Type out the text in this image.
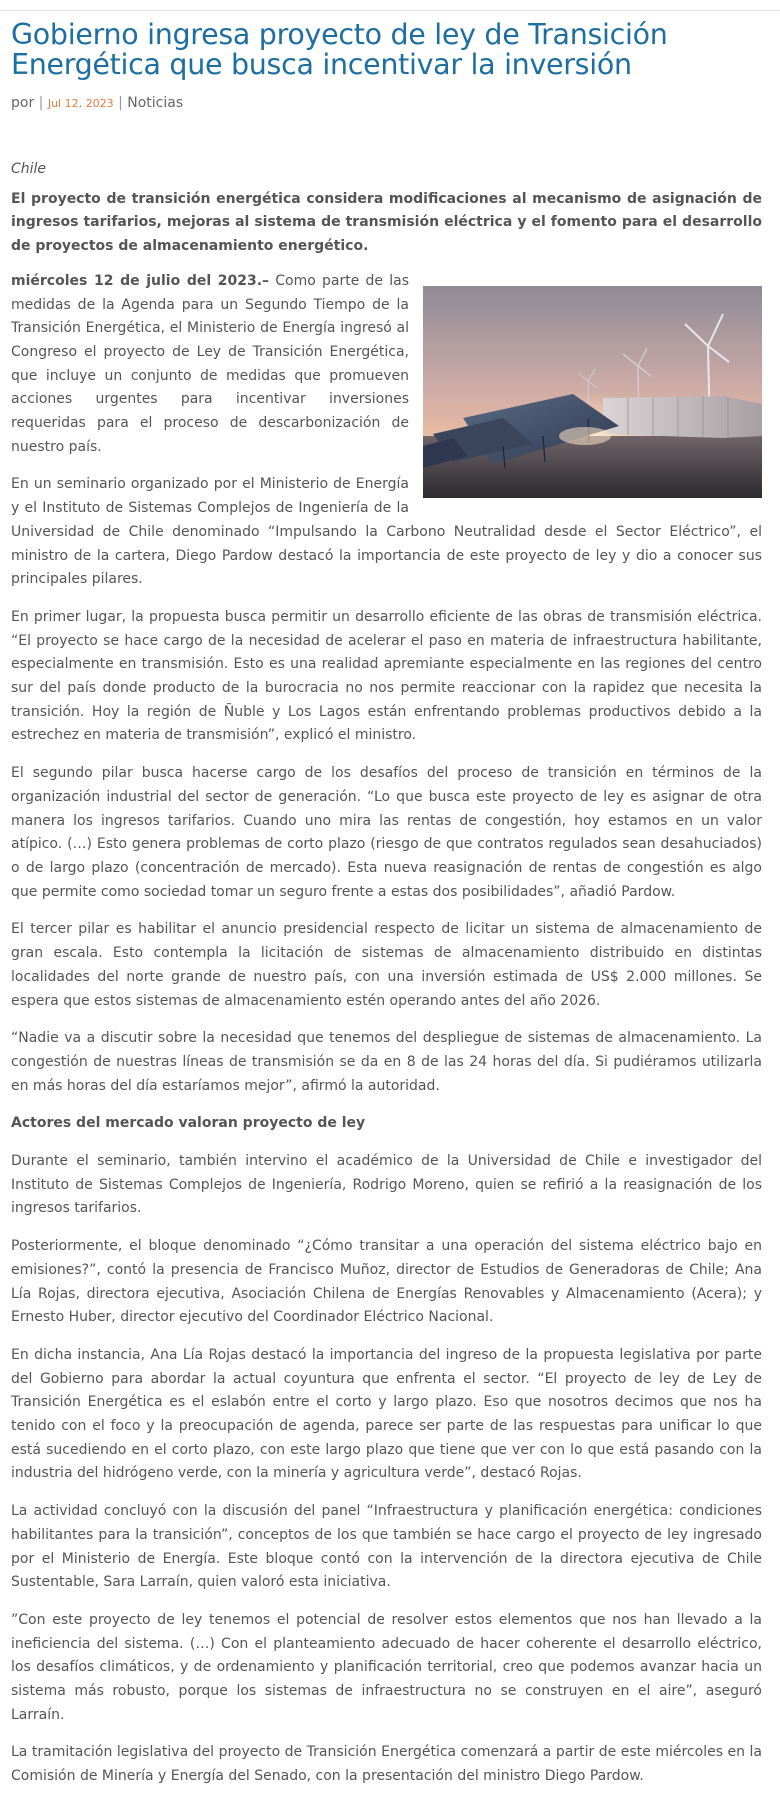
Gobierno ingresa proyecto de ley de Transición Energética que busca incentivar la inversión
por | Jul 12, 2023 | Noticias

Chile

El proyecto de transición energética considera modificaciones al mecanismo de asignación de ingresos tarifarios, mejoras al sistema de transmisión eléctrica y el fomento para el desarrollo de proyectos de almacenamiento energético.

miércoles 12 de julio del 2023.– Como parte de las medidas de la Agenda para un Segundo Tiempo de la Transición Energética, el Ministerio de Energía ingresó al Congreso el proyecto de Ley de Transición Energética, que incluye un conjunto de medidas que promueven acciones urgentes para incentivar inversiones requeridas para el proceso de descarbonización de nuestro país.

En un seminario organizado por el Ministerio de Energía y el Instituto de Sistemas Complejos de Ingeniería de la Universidad de Chile denominado “Impulsando la Carbono Neutralidad desde el Sector Eléctrico”, el ministro de la cartera, Diego Pardow destacó la importancia de este proyecto de ley y dio a conocer sus principales pilares.

En primer lugar, la propuesta busca permitir un desarrollo eficiente de las obras de transmisión eléctrica. “El proyecto se hace cargo de la necesidad de acelerar el paso en materia de infraestructura habilitante, especialmente en transmisión. Esto es una realidad apremiante especialmente en las regiones del centro sur del país donde producto de la burocracia no nos permite reaccionar con la rapidez que necesita la transición. Hoy la región de Ñuble y Los Lagos están enfrentando problemas productivos debido a la estrechez en materia de transmisión”, explicó el ministro.

El segundo pilar busca hacerse cargo de los desafíos del proceso de transición en términos de la organización industrial del sector de generación. “Lo que busca este proyecto de ley es asignar de otra manera los ingresos tarifarios. Cuando uno mira las rentas de congestión, hoy estamos en un valor atípico. (…) Esto genera problemas de corto plazo (riesgo de que contratos regulados sean desahuciados) o de largo plazo (concentración de mercado). Esta nueva reasignación de rentas de congestión es algo que permite como sociedad tomar un seguro frente a estas dos posibilidades”, añadió Pardow.

El tercer pilar es habilitar el anuncio presidencial respecto de licitar un sistema de almacenamiento de gran escala. Esto contempla la licitación de sistemas de almacenamiento distribuido en distintas localidades del norte grande de nuestro país, con una inversión estimada de US$ 2.000 millones. Se espera que estos sistemas de almacenamiento estén operando antes del año 2026.

“Nadie va a discutir sobre la necesidad que tenemos del despliegue de sistemas de almacenamiento. La congestión de nuestras líneas de transmisión se da en 8 de las 24 horas del día. Si pudiéramos utilizarla en más horas del día estaríamos mejor”, afirmó la autoridad.

Actores del mercado valoran proyecto de ley

Durante el seminario, también intervino el académico de la Universidad de Chile e investigador del Instituto de Sistemas Complejos de Ingeniería, Rodrigo Moreno, quien se refirió a la reasignación de los ingresos tarifarios.

Posteriormente, el bloque denominado “¿Cómo transitar a una operación del sistema eléctrico bajo en emisiones?”, contó la presencia de Francisco Muñoz, director de Estudios de Generadoras de Chile; Ana Lía Rojas, directora ejecutiva, Asociación Chilena de Energías Renovables y Almacenamiento (Acera); y Ernesto Huber, director ejecutivo del Coordinador Eléctrico Nacional.

En dicha instancia, Ana Lía Rojas destacó la importancia del ingreso de la propuesta legislativa por parte del Gobierno para abordar la actual coyuntura que enfrenta el sector. “El proyecto de ley de Ley de Transición Energética es el eslabón entre el corto y largo plazo. Eso que nosotros decimos que nos ha tenido con el foco y la preocupación de agenda, parece ser parte de las respuestas para unificar lo que está sucediendo en el corto plazo, con este largo plazo que tiene que ver con lo que está pasando con la industria del hidrógeno verde, con la minería y agricultura verde”, destacó Rojas.

La actividad concluyó con la discusión del panel “Infraestructura y planificación energética: condiciones habilitantes para la transición”, conceptos de los que también se hace cargo el proyecto de ley ingresado por el Ministerio de Energía. Este bloque contó con la intervención de la directora ejecutiva de Chile Sustentable, Sara Larraín, quien valoró esta iniciativa.

”Con este proyecto de ley tenemos el potencial de resolver estos elementos que nos han llevado a la ineficiencia del sistema. (…) Con el planteamiento adecuado de hacer coherente el desarrollo eléctrico, los desafíos climáticos, y de ordenamiento y planificación territorial, creo que podemos avanzar hacia un sistema más robusto, porque los sistemas de infraestructura no se construyen en el aire”, aseguró Larraín.

La tramitación legislativa del proyecto de Transición Energética comenzará a partir de este miércoles en la Comisión de Minería y Energía del Senado, con la presentación del ministro Diego Pardow.
